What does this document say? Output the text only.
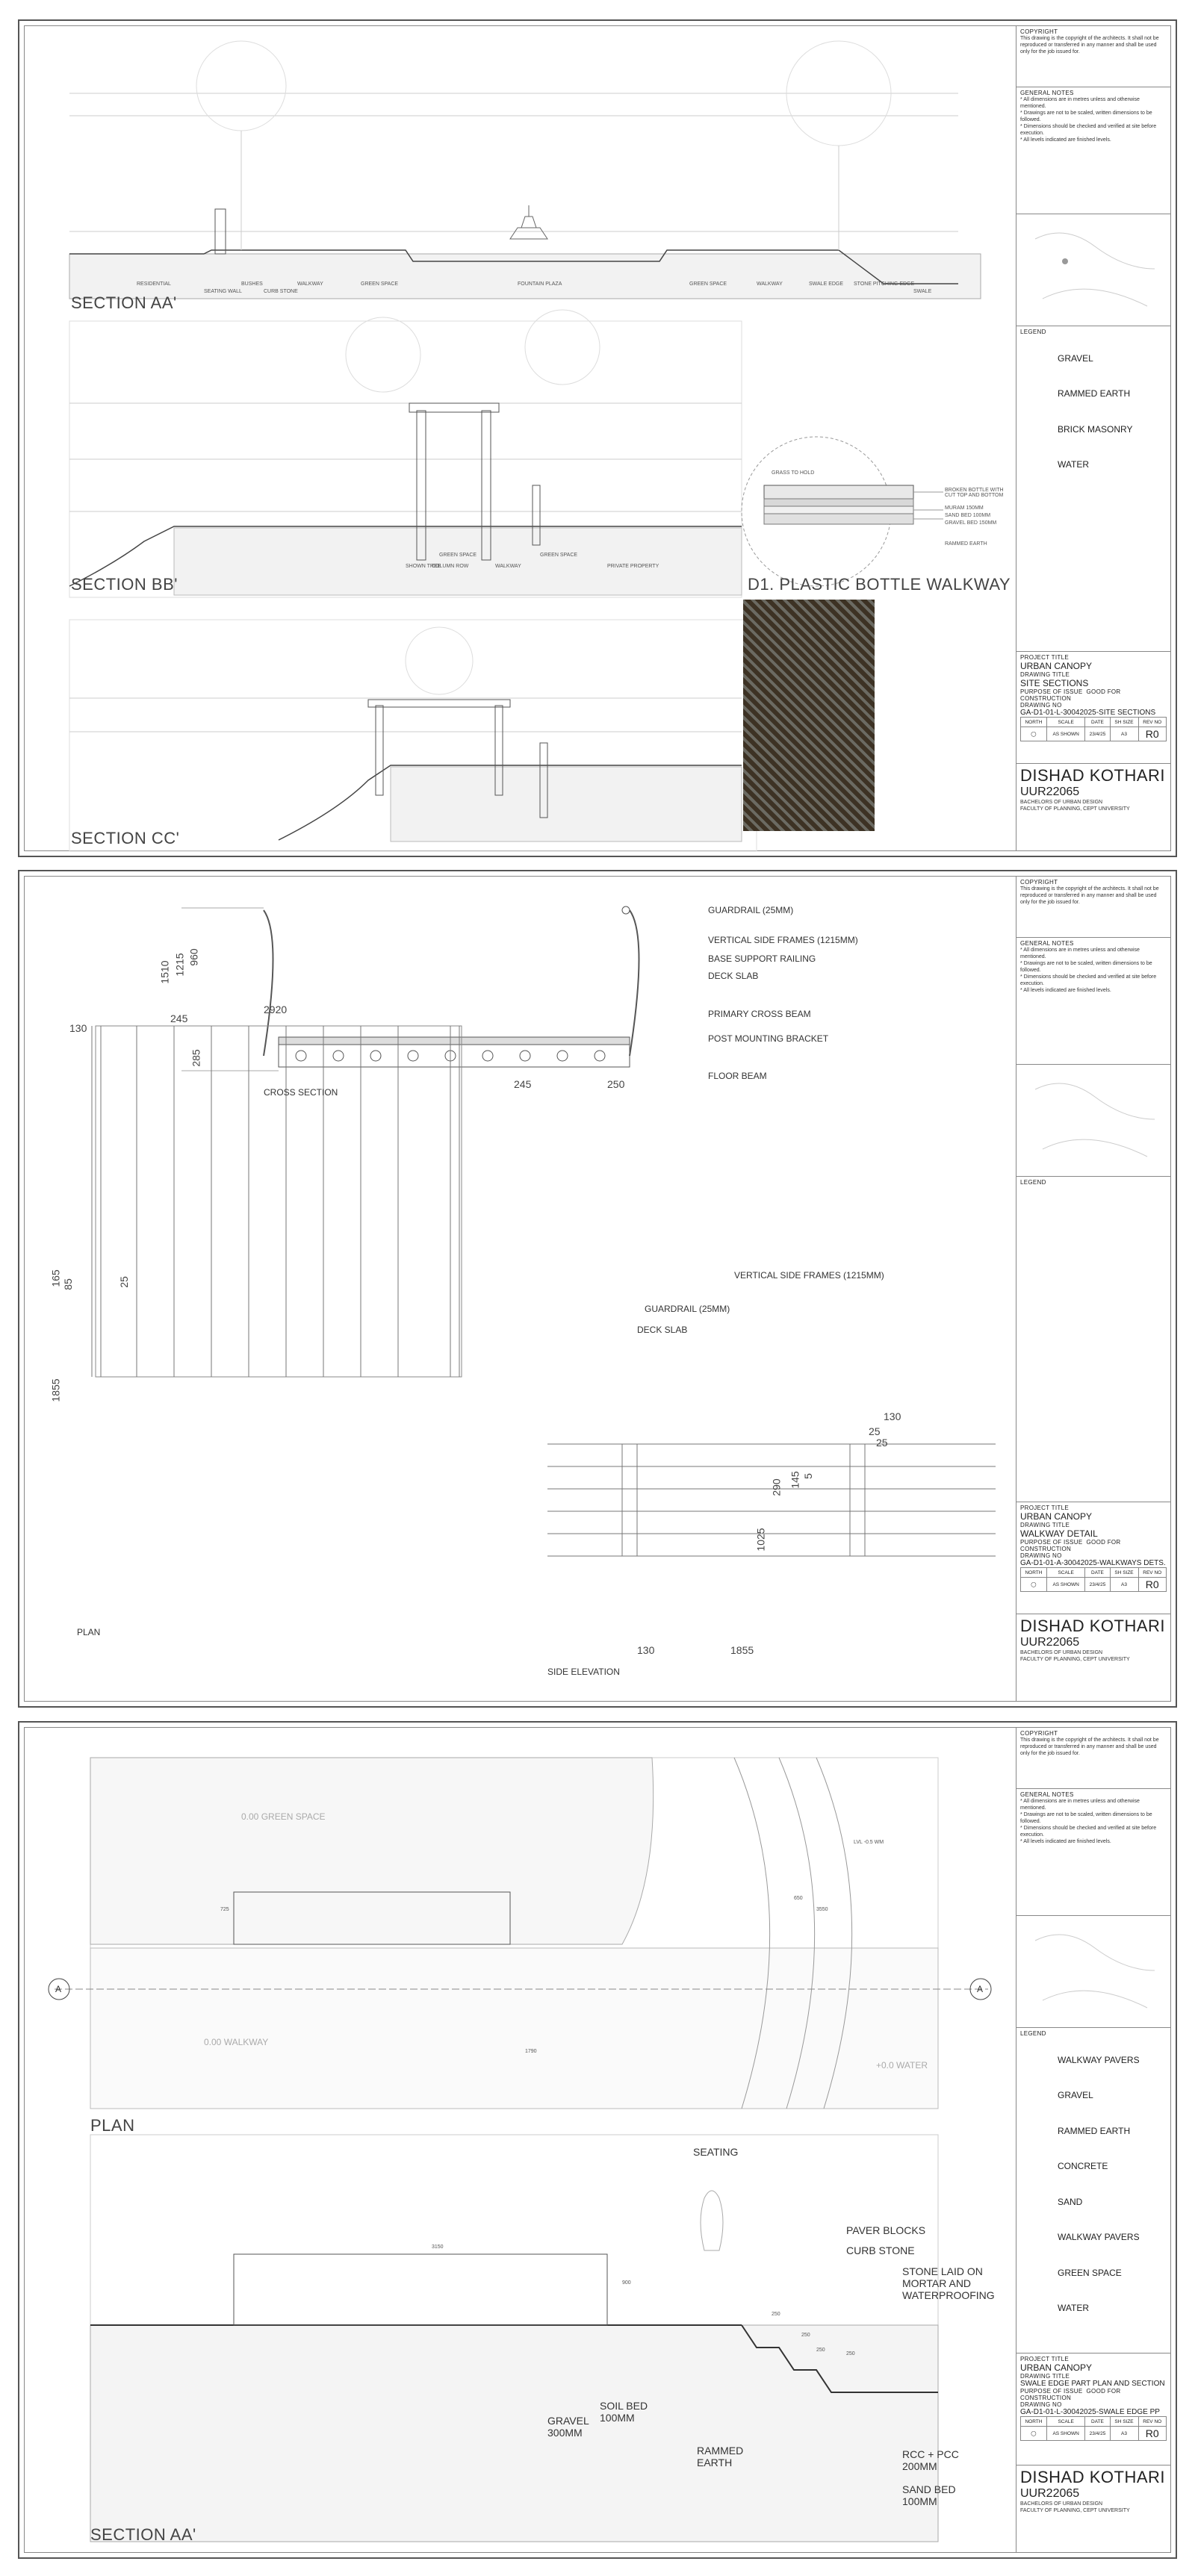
SECTION AA'
SECTION BB'
SECTION CC'
D1. PLASTIC BOTTLE WALKWAY
RESIDENTIAL
SEATING WALL
BUSHES
CURB STONE
WALKWAY	GREEN SPACE	FOUNTAIN PLAZA	GREEN SPACE	WALKWAY	SWALE EDGE STONE PITCHING EDGE
SWALE
SHOWN TREE
COLUMN ROW
GREEN SPACE
WALKWAY
GREEN SPACE
PRIVATE PROPERTY
GRASS TO HOLD
BROKEN BOTTLE WITH CUT TOP AND BOTTOM
MURAM 150MM
SAND BED 100MM
GRAVEL BED 150MM
RAMMED EARTH
COPYRIGHT
This drawing is the copyright of the architects. It shall not be reproduced or transferred in any manner and shall be used only for the job issued for.
GENERAL NOTES
* All dimensions are in metres unless and otherwise mentioned.
* Drawings are not to be scaled, written dimensions to be followed.
* Dimensions should be checked and verified at site before execution.
* All levels indicated are finished levels.
LEGEND
GRAVEL
RAMMED EARTH
BRICK MASONRY
WATER
PROJECT TITLE
URBAN CANOPY
DRAWING TITLE
SITE SECTIONS
PURPOSE OF ISSUE GOOD FOR CONSTRUCTION
DRAWING NO
GA-D1-01-L-30042025-SITE SECTIONS
NORTH	SCALE	DATE	SH SIZE	REV NO
◯	AS SHOWN	23/4/25	A3	R0
DISHAD KOTHARI
UUR22065
BACHELORS OF URBAN DESIGN
FACULTY OF PLANNING, CEPT UNIVERSITY
CROSS SECTION
PLAN
SIDE ELEVATION
GUARDRAIL (25MM)
VERTICAL SIDE FRAMES (1215MM)
BASE SUPPORT RAILING
DECK SLAB
PRIMARY CROSS BEAM
POST MOUNTING BRACKET
FLOOR BEAM
VERTICAL SIDE FRAMES (1215MM)
GUARDRAIL (25MM)
DECK SLAB
1510 1215 960
285
245	250
2920
130
245
165 85	25
1855
130
25
25
290 145 5
1025
130	1855
COPYRIGHT
This drawing is the copyright of the architects. It shall not be reproduced or transferred in any manner and shall be used only for the job issued for.
GENERAL NOTES
* All dimensions are in metres unless and otherwise mentioned.
* Drawings are not to be scaled, written dimensions to be followed.
* Dimensions should be checked and verified at site before execution.
* All levels indicated are finished levels.
LEGEND
PROJECT TITLE
URBAN CANOPY
DRAWING TITLE
WALKWAY DETAIL
PURPOSE OF ISSUE GOOD FOR CONSTRUCTION
DRAWING NO
GA-D1-01-A-30042025-WALKWAYS DETS.
NORTH	SCALE	DATE	SH SIZE	REV NO
◯	AS SHOWN	23/4/25	A3	R0
DISHAD KOTHARI
UUR22065
BACHELORS OF URBAN DESIGN
FACULTY OF PLANNING, CEPT UNIVERSITY
PLAN
SECTION AA'
0.00 GREEN SPACE
0.00 WALKWAY
+0.0 WATER
725
1790
3550
650
LVL -0.5 WM
A	A
SEATING
PAVER BLOCKS
CURB STONE
STONE LAID ON MORTAR AND WATERPROOFING
SOIL BED 100MM
GRAVEL 300MM
RAMMED EARTH
RCC + PCC 200MM
SAND BED 100MM
3150
900
250
250
250
250
COPYRIGHT
This drawing is the copyright of the architects. It shall not be reproduced or transferred in any manner and shall be used only for the job issued for.
GENERAL NOTES
* All dimensions are in metres unless and otherwise mentioned.
* Drawings are not to be scaled, written dimensions to be followed.
* Dimensions should be checked and verified at site before execution.
* All levels indicated are finished levels.
LEGEND
WALKWAY PAVERS
GRAVEL
RAMMED EARTH
CONCRETE
SAND
WALKWAY PAVERS
GREEN SPACE
WATER
PROJECT TITLE
URBAN CANOPY
DRAWING TITLE
SWALE EDGE PART PLAN AND SECTION
PURPOSE OF ISSUE GOOD FOR CONSTRUCTION
DRAWING NO
GA-D1-01-L-30042025-SWALE EDGE PP
NORTH	SCALE	DATE	SH SIZE	REV NO
◯	AS SHOWN	23/4/25	A3	R0
DISHAD KOTHARI
UUR22065
BACHELORS OF URBAN DESIGN
FACULTY OF PLANNING, CEPT UNIVERSITY
